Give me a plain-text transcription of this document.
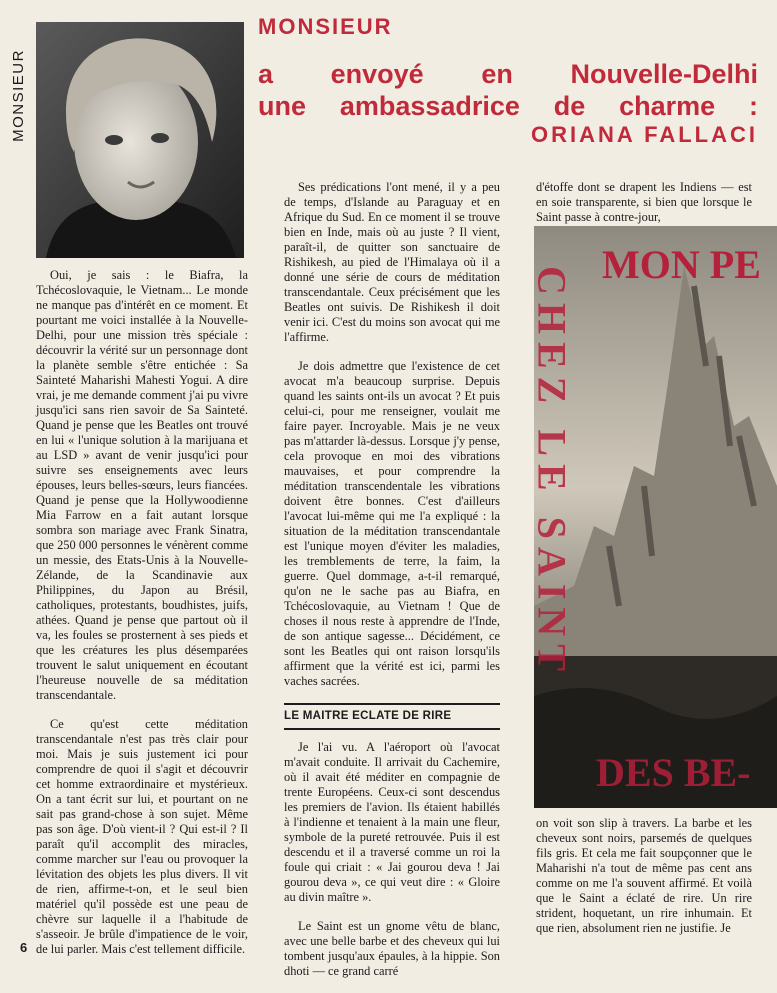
MONSIEUR
MONSIEUR
a envoyé en Nouvelle-Delhi
une ambassadrice de charme :
ORIANA FALLACI

Oui, je sais : le Biafra, la Tchécoslovaquie, le Vietnam... Le monde ne manque pas d'intérêt en ce moment. Et pourtant me voici installée à la Nouvelle-Delhi, pour une mission très spéciale : découvrir la vérité sur un personnage dont la planète semble s'être entichée : Sa Sainteté Maharishi Mahesti Yogui. A dire vrai, je me demande comment j'ai pu vivre jusqu'ici sans rien savoir de Sa Sainteté. Quand je pense que les Beatles ont trouvé en lui « l'unique solution à la marijuana et au LSD » avant de venir jusqu'ici pour suivre ses enseignements avec leurs épouses, leurs belles-sœurs, leurs fiancées. Quand je pense que la Hollywoodienne Mia Farrow en a fait autant lorsque sombra son mariage avec Frank Sinatra, que 250 000 personnes le vénèrent comme un messie, des Etats-Unis à la Nouvelle-Zélande, de la Scandinavie aux Philippines, du Japon au Brésil, catholiques, protestants, boudhistes, juifs, athées. Quand je pense que partout où il va, les foules se prosternent à ses pieds et que les créatures les plus désemparées trouvent le salut uniquement en écoutant l'heureuse nouvelle de sa méditation transcendantale.

Ce qu'est cette méditation transcendantale n'est pas très clair pour moi. Mais je suis justement ici pour comprendre de quoi il s'agit et découvrir cet homme extraordinaire et mystérieux. On a tant écrit sur lui, et pourtant on ne sait pas grand-chose à son sujet. Même pas son âge. D'où vient-il ? Qui est-il ? Il paraît qu'il accomplit des miracles, comme marcher sur l'eau ou provoquer la lévitation des objets les plus divers. Il vit de rien, affirme-t-on, et le seul bien matériel qu'il possède est une peau de chèvre sur laquelle il a l'habitude de s'asseoir. Je brûle d'impatience de le voir, de lui parler. Mais c'est tellement difficile.

Ses prédications l'ont mené, il y a peu de temps, d'Islande au Paraguay et en Afrique du Sud. En ce moment il se trouve bien en Inde, mais où au juste ? Il vient, paraît-il, de quitter son sanctuaire de Rishikesh, au pied de l'Himalaya où il a donné une série de cours de méditation transcendantale. Ceux précisément que les Beatles ont suivis. De Rishikesh il doit venir ici. C'est du moins son avocat qui me l'affirme.

Je dois admettre que l'existence de cet avocat m'a beaucoup surprise. Depuis quand les saints ont-ils un avocat ? Et puis celui-ci, pour me renseigner, voulait me faire payer. Incroyable. Mais je ne veux pas m'attarder là-dessus. Lorsque j'y pense, cela provoque en moi des vibrations mauvaises, et pour comprendre la méditation transcendentale les vibrations doivent être bonnes. C'est d'ailleurs l'avocat lui-même qui me l'a expliqué : la situation de la méditation transcendantale est l'unique moyen d'éviter les maladies, les tremblements de terre, la faim, la guerre. Quel dommage, a-t-il remarqué, qu'on ne le sache pas au Biafra, en Tchécoslovaquie, au Vietnam ! Que de choses il nous reste à apprendre de l'Inde, de son antique sagesse... Décidément, ce sont les Beatles qui ont raison lorsqu'ils affirment que la vérité est ici, parmi les vaches sacrées.

LE MAITRE ECLATE DE RIRE

Je l'ai vu. A l'aéroport où l'avocat m'avait conduite. Il arrivait du Cachemire, où il avait été méditer en compagnie de trente Européens. Ceux-ci sont descendus les premiers de l'avion. Ils étaient habillés à l'indienne et tenaient à la main une fleur, symbole de la pureté retrouvée. Puis il est descendu et il a traversé comme un roi la foule qui criait : « Jai gourou deva ! Jai gourou deva », ce qui veut dire : « Gloire au divin maître ».

Le Saint est un gnome vêtu de blanc, avec une belle barbe et des cheveux qui lui tombent jusqu'aux épaules, à la hippie. Son dhoti — ce grand carré

d'étoffe dont se drapent les Indiens — est en soie transparente, si bien que lorsque le Saint passe à contre-jour,

MON PE
DES BE-
CHEZ LE SAINT

on voit son slip à travers. La barbe et les cheveux sont noirs, parsemés de quelques fils gris. Et cela me fait soupçonner que le Maharishi n'a tout de même pas cent ans comme on me l'a souvent affirmé. Et voilà que le Saint a éclaté de rire. Un rire strident, hoquetant, un rire inhumain. Et que rien, absolument rien ne justifie. Je

6
